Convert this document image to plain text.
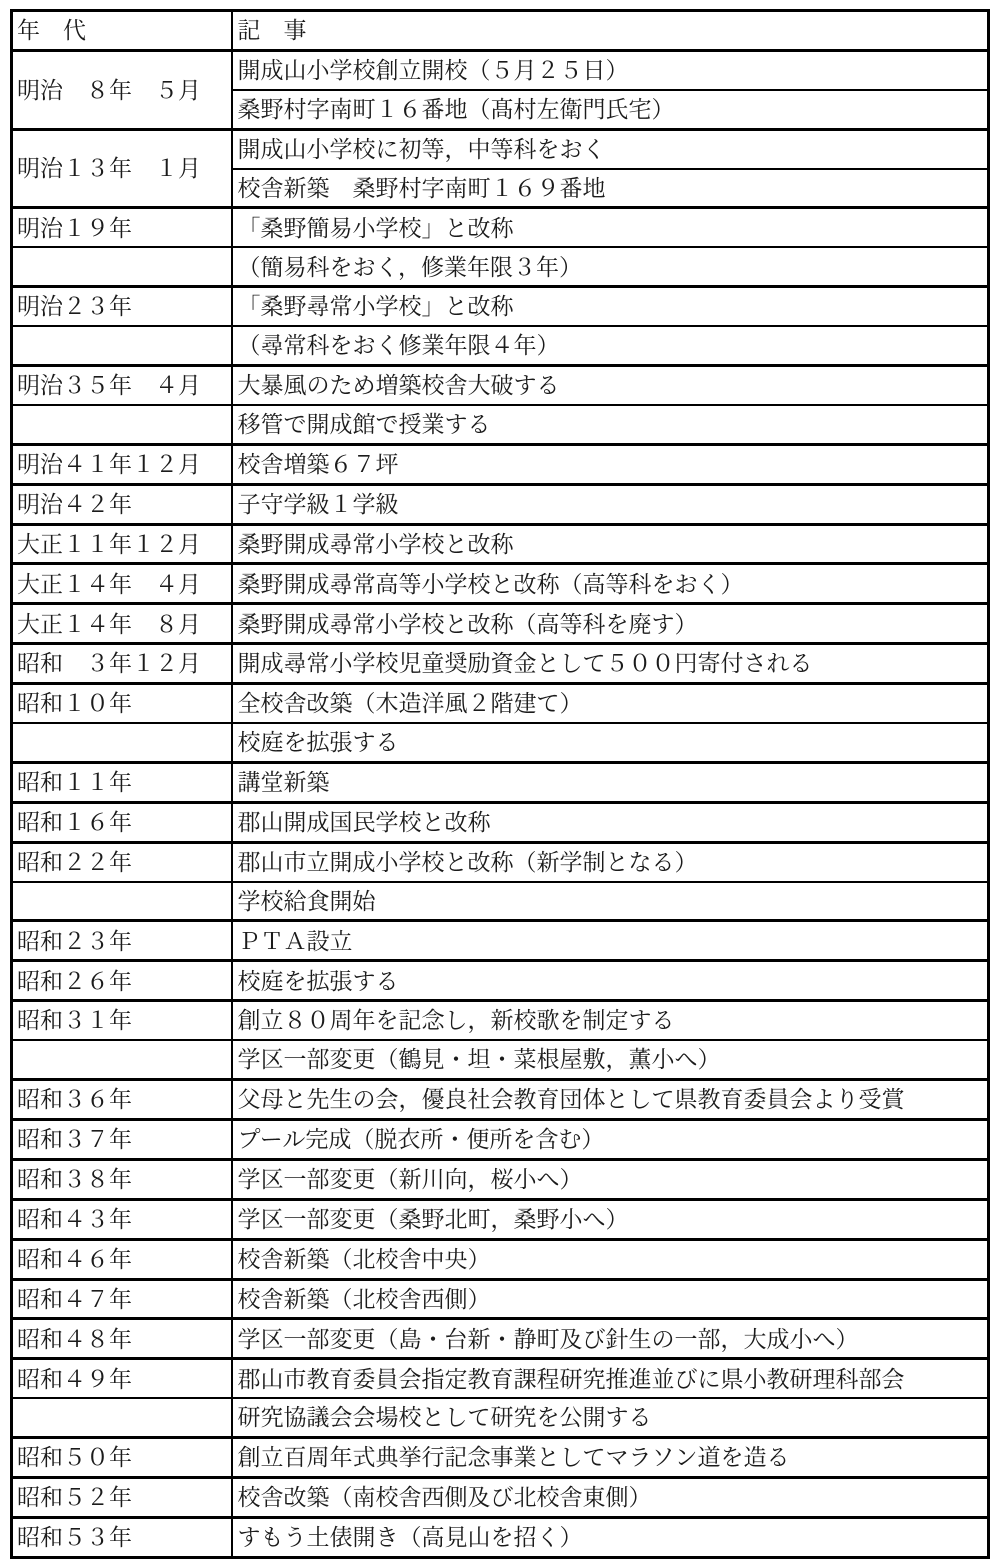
年　代	記　事
明治　８年　５月	開成山小学校創立開校（５月２５日）
	桑野村字南町１６番地（髙村左衛門氏宅）
明治１３年　１月	開成山小学校に初等，中等科をおく
	校舎新築　桑野村字南町１６９番地
明治１９年	「桑野簡易小学校」と改称
	（簡易科をおく，修業年限３年）
明治２３年	「桑野尋常小学校」と改称
	（尋常科をおく修業年限４年）
明治３５年　４月	大暴風のため増築校舎大破する
	移管で開成館で授業する
明治４１年１２月	校舎増築６７坪
明治４２年	子守学級１学級
大正１１年１２月	桑野開成尋常小学校と改称
大正１４年　４月	桑野開成尋常高等小学校と改称（高等科をおく）
大正１４年　８月	桑野開成尋常小学校と改称（高等科を廃す）
昭和　３年１２月	開成尋常小学校児童奨励資金として５００円寄付される
昭和１０年	全校舎改築（木造洋風２階建て）
	校庭を拡張する
昭和１１年	講堂新築
昭和１６年	郡山開成国民学校と改称
昭和２２年	郡山市立開成小学校と改称（新学制となる）
	学校給食開始
昭和２３年	ＰＴＡ設立
昭和２６年	校庭を拡張する
昭和３１年	創立８０周年を記念し，新校歌を制定する
	学区一部変更（鶴見・坦・菜根屋敷，薫小へ）
昭和３６年	父母と先生の会，優良社会教育団体として県教育委員会より受賞
昭和３７年	プール完成（脱衣所・便所を含む）
昭和３８年	学区一部変更（新川向，桜小へ）
昭和４３年	学区一部変更（桑野北町，桑野小へ）
昭和４６年	校舎新築（北校舎中央）
昭和４７年	校舎新築（北校舎西側）
昭和４８年	学区一部変更（島・台新・静町及び針生の一部，大成小へ）
昭和４９年	郡山市教育委員会指定教育課程研究推進並びに県小教研理科部会
	研究協議会会場校として研究を公開する
昭和５０年	創立百周年式典挙行記念事業としてマラソン道を造る
昭和５２年	校舎改築（南校舎西側及び北校舎東側）
昭和５３年	すもう土俵開き（高見山を招く）
